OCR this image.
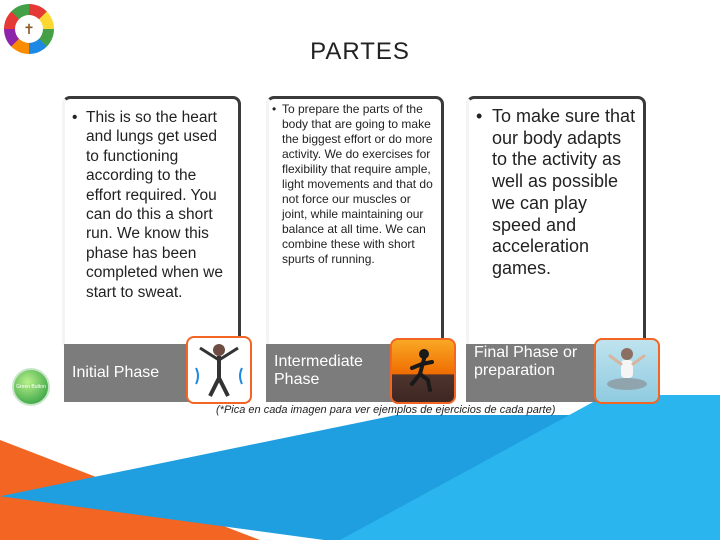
✝
PARTES
• This is so the heart and lungs get used to functioning according to the effort required. You can do this a short run. We know this phase has been completed when we start to sweat.
• To prepare the parts of the body that are going to make the biggest effort or do more activity. We do exercises for flexibility that require ample, light movements and that do not force our muscles or joint, while maintaining our balance at all time. We can combine these with short spurts of running.
• To make sure that our body adapts to the activity as well as possible we can play speed and acceleration games.
Initial Phase
Intermediate Phase
Final Phase or preparation
Green Button
(*Pica en cada imagen para ver ejemplos de ejercicios de cada parte)
